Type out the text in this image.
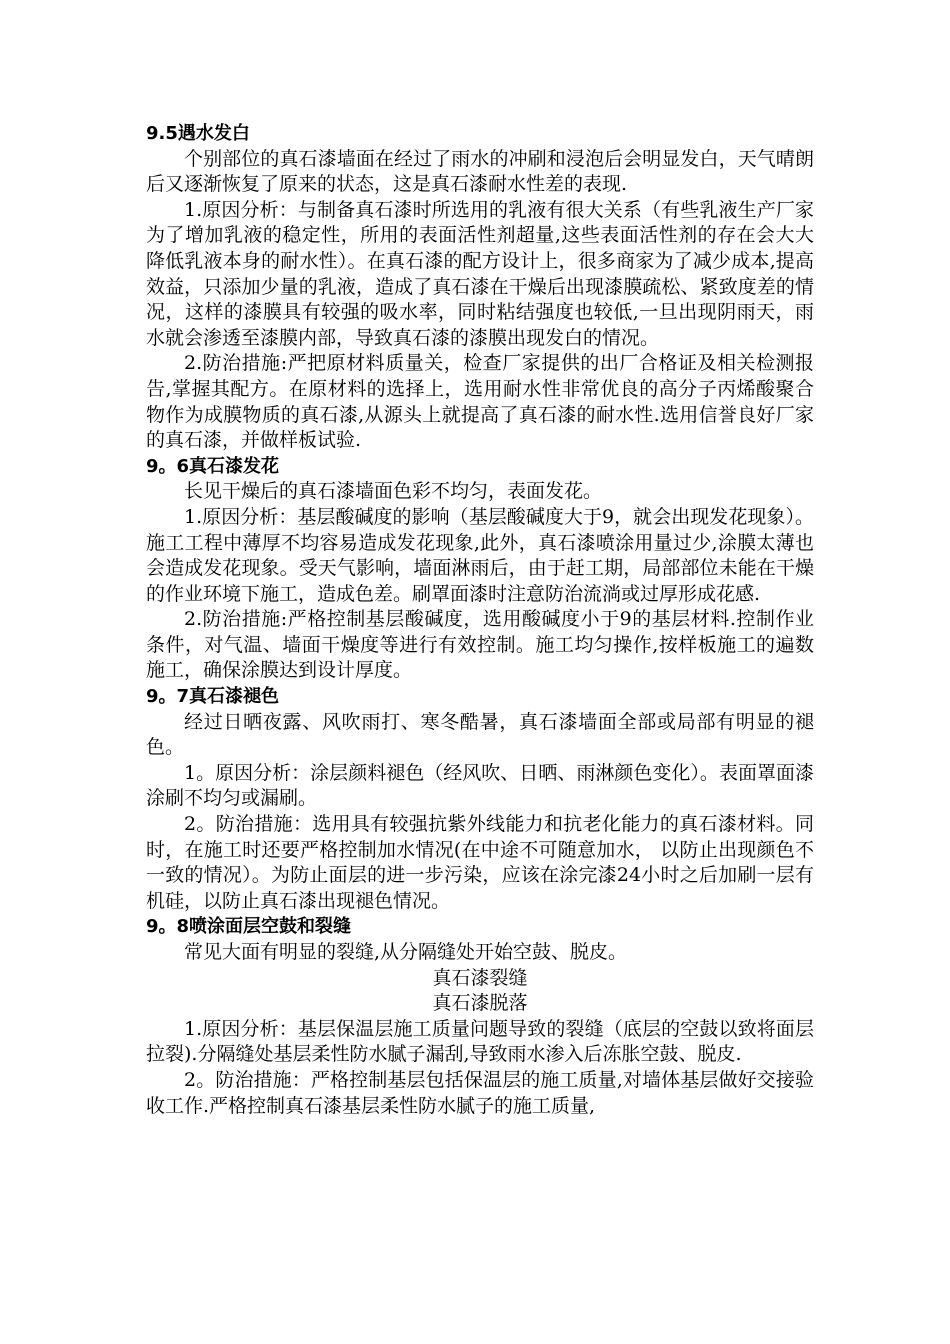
9.5遇水发白

个别部位的真石漆墙面在经过了雨水的冲刷和浸泡后会明显发白，天气晴朗后又逐渐恢复了原来的状态，这是真石漆耐水性差的表现.

1.原因分析：与制备真石漆时所选用的乳液有很大关系（有些乳液生产厂家为了增加乳液的稳定性，所用的表面活性剂超量,这些表面活性剂的存在会大大降低乳液本身的耐水性）。在真石漆的配方设计上，很多商家为了减少成本,提高效益，只添加少量的乳液，造成了真石漆在干燥后出现漆膜疏松、紧致度差的情况，这样的漆膜具有较强的吸水率，同时粘结强度也较低,一旦出现阴雨天，雨水就会渗透至漆膜内部，导致真石漆的漆膜出现发白的情况。

2.防治措施:严把原材料质量关，检查厂家提供的出厂合格证及相关检测报告,掌握其配方。在原材料的选择上，选用耐水性非常优良的高分子丙烯酸聚合物作为成膜物质的真石漆,从源头上就提高了真石漆的耐水性.选用信誉良好厂家的真石漆，并做样板试验.

9。6真石漆发花

长见干燥后的真石漆墙面色彩不均匀，表面发花。

1.原因分析：基层酸碱度的影响（基层酸碱度大于9，就会出现发花现象）。施工工程中薄厚不均容易造成发花现象,此外，真石漆喷涂用量过少,涂膜太薄也会造成发花现象。受天气影响，墙面淋雨后，由于赶工期，局部部位未能在干燥的作业环境下施工，造成色差。刷罩面漆时注意防治流淌或过厚形成花感.

2.防治措施:严格控制基层酸碱度，选用酸碱度小于9的基层材料.控制作业条件，对气温、墙面干燥度等进行有效控制。施工均匀操作,按样板施工的遍数施工，确保涂膜达到设计厚度。

9。7真石漆褪色

经过日晒夜露、风吹雨打、寒冬酷暑，真石漆墙面全部或局部有明显的褪色。

1。原因分析：涂层颜料褪色（经风吹、日晒、雨淋颜色变化）。表面罩面漆涂刷不均匀或漏刷。

2。防治措施：选用具有较强抗紫外线能力和抗老化能力的真石漆材料。同时，在施工时还要严格控制加水情况(在中途不可随意加水， 以防止出现颜色不一致的情况）。为防止面层的进一步污染，应该在涂完漆24小时之后加刷一层有机硅，以防止真石漆出现褪色情况。

9。8喷涂面层空鼓和裂缝

常见大面有明显的裂缝,从分隔缝处开始空鼓、脱皮。

真石漆裂缝

真石漆脱落

1.原因分析：基层保温层施工质量问题导致的裂缝（底层的空鼓以致将面层拉裂).分隔缝处基层柔性防水腻子漏刮,导致雨水渗入后冻胀空鼓、脱皮.

2。防治措施：严格控制基层包括保温层的施工质量,对墙体基层做好交接验收工作.严格控制真石漆基层柔性防水腻子的施工质量,
